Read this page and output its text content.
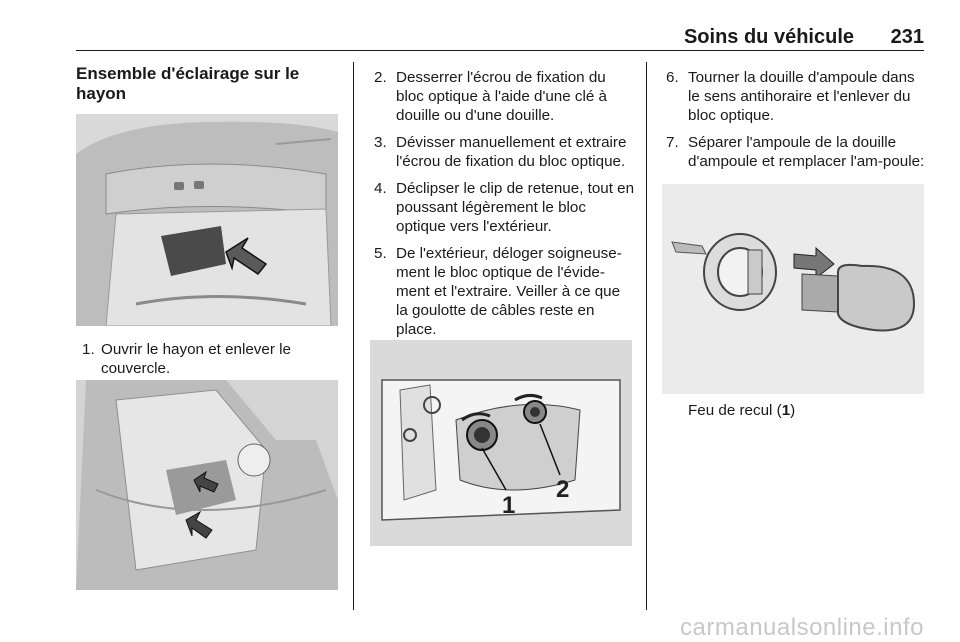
Soins du véhicule 231
Ensemble d'éclairage sur le hayon
1. Ouvrir le hayon et enlever le couvercle.
2. Desserrer l'écrou de fixation du bloc optique à l'aide d'une clé à douille ou d'une douille.
3. Dévisser manuellement et extraire l'écrou de fixation du bloc optique.
4. Déclipser le clip de retenue, tout en poussant légèrement le bloc optique vers l'extérieur.
5. De l'extérieur, déloger soigneuse-ment le bloc optique de l'évide-ment et l'extraire. Veiller à ce que la goulotte de câbles reste en place.
1
2
6. Tourner la douille d'ampoule dans le sens antihoraire et l'enlever du bloc optique.
7. Séparer l'ampoule de la douille d'ampoule et remplacer l'am-poule:
Feu de recul (1)
carmanualsonline.info
